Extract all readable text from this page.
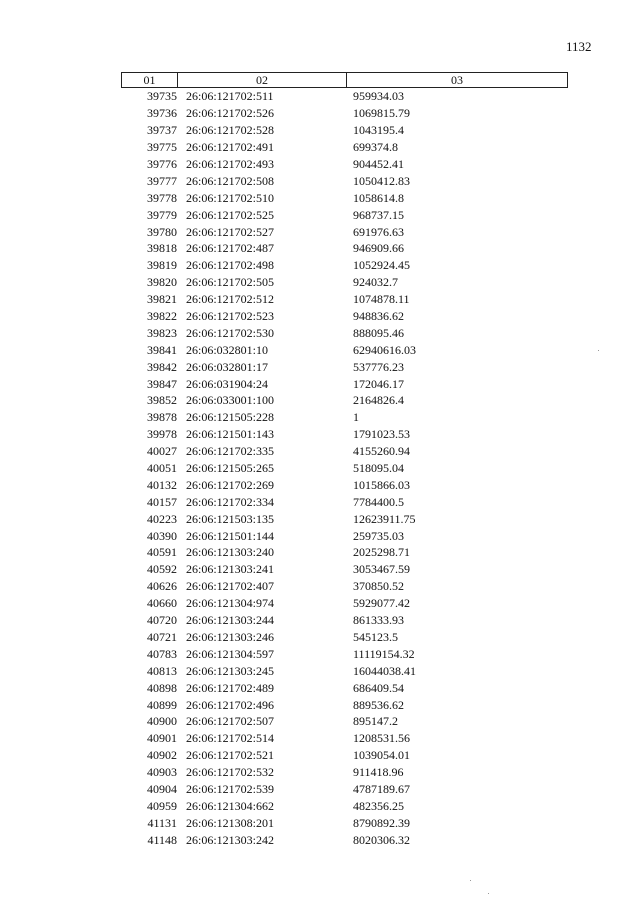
1132
01	02	03
39735 26:06:121702:511	959934.03
39736 26:06:121702:526	1069815.79
39737 26:06:121702:528	1043195.4
39775 26:06:121702:491	699374.8
39776 26:06:121702:493	904452.41
39777 26:06:121702:508	1050412.83
39778 26:06:121702:510	1058614.8
39779 26:06:121702:525	968737.15
39780 26:06:121702:527	691976.63
39818 26:06:121702:487	946909.66
39819 26:06:121702:498	1052924.45
39820 26:06:121702:505	924032.7
39821 26:06:121702:512	1074878.11
39822 26:06:121702:523	948836.62
39823 26:06:121702:530	888095.46
39841 26:06:032801:10	62940616.03
39842 26:06:032801:17	537776.23
39847 26:06:031904:24	172046.17
39852 26:06:033001:100	2164826.4
39878 26:06:121505:228	1
39978 26:06:121501:143	1791023.53
40027 26:06:121702:335	4155260.94
40051 26:06:121505:265	518095.04
40132 26:06:121702:269	1015866.03
40157 26:06:121702:334	7784400.5
40223 26:06:121503:135	12623911.75
40390 26:06:121501:144	259735.03
40591 26:06:121303:240	2025298.71
40592 26:06:121303:241	3053467.59
40626 26:06:121702:407	370850.52
40660 26:06:121304:974	5929077.42
40720 26:06:121303:244	861333.93
40721 26:06:121303:246	545123.5
40783 26:06:121304:597	11119154.32
40813 26:06:121303:245	16044038.41
40898 26:06:121702:489	686409.54
40899 26:06:121702:496	889536.62
40900 26:06:121702:507	895147.2
40901 26:06:121702:514	1208531.56
40902 26:06:121702:521	1039054.01
40903 26:06:121702:532	911418.96
40904 26:06:121702:539	4787189.67
40959 26:06:121304:662	482356.25
41131 26:06:121308:201	8790892.39
41148 26:06:121303:242	8020306.32
